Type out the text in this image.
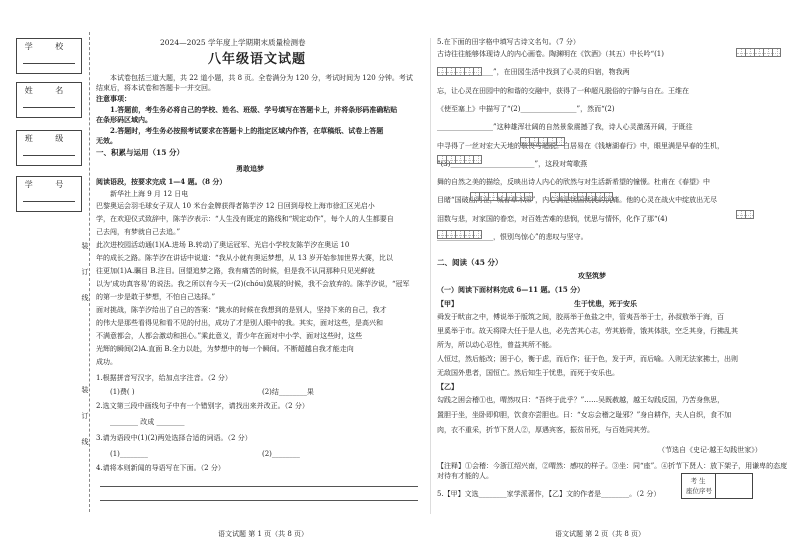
学 校
姓 名
班 级
学 号
装
订
线
装
订
线
2024—2025 学年度上学期期末质量检测卷
八年级语文试题
本试卷包括三道大题，共 22 道小题，共 8 页。全卷满分为 120 分，考试时间为 120 分钟。考试
结束后，将本试卷和答题卡一并交回。
注意事项：
1.答题前，考生务必将自己的学校、姓名、班级、学号填写在答题卡上，并将条形码准确粘贴
在条形码区域内。
2.答题时，考生务必按照考试要求在答题卡上的指定区域内作答，在草稿纸、试卷上答题
无效。
一、积累与运用（15 分）
勇敢追梦
阅读语段，按要求完成 1—4 题。（8 分）
新华社上海 9 月 12 日电
巴黎奥运会羽毛球女子双人 10 米台金牌获得者陈芋汐 12 日回到母校上海市徐汇区光启小
学，在欢迎仪式致辞中，陈芋汐表示：“人生没有既定的路线和“规定动作”，每个人的人生都要自
己去闯，有梦就自己去追。”
此次进校园活动通(1)(A.进场 B.转动)了奥运冠军、光启小学校友陈芋汐在奥运 10
年的成长之路。陈芋汐在讲话中说道：“我从小就有奥运梦想，从 13 岁开始参加世界大赛，比以
往更加(1)A.瞩目 B.注目。回望追梦之路，我有痛苦的时候，但是我不认同那种只见光鲜就
以为‘成功真容易’的说法。我之所以有今天一(2)(chóu)莫展的时候，我不会放弃的。陈芋汐说，“冠军
的第一步是敢于梦想，不怕自己选择。”
面对挑战，陈芋汐给出了自己的答案：“跳水的时候在我想到的是别人，坚持下来的自己，我才
的伟大是那些看得见和看不见的付出，成功了才是别人眼中的我。其实，面对这些，是高兴和
不满意都会，人都会激动和担心。”乘此意义，青少年在面对中小学、面对这些时，这些
光辉的瞬间(2)A.直面 B.全力以赴，为梦想中的每一个瞬间。不断超越自我才能走向
成功。
1.根据拼音写汉字，给加点字注音。（2 分）
(1)费( )	(2)结________果
2.选文第三段中画线句子中有一个错别字，请找出来并改正。（2 分）
________ 改成 ________
3.请为语段中(1)(2)两处选择合适的词语。（2 分）
(1)________	(2)________
4.请将本则新闻的导语写在下面。（2 分）
语文试题 第 1 页（共 8 页）
5.在下面的田字格中填写古诗文名句。（7 分）
古诗往往能够体现诗人的内心画卷。陶渊明在《饮酒》（其五）中长吟“(1)
________________”，在田园生活中找到了心灵的归宿，物我两
忘，让心灵在田园中的和谐的交融中，获得了一种超凡脱俗的宁静与自在。王维在
《使至塞上》中描写了“(2)________________”，然而“(2)
________________”这种雄浑壮阔的自然景象震撼了我，诗人心灵激荡开阔，于既往
中寻得了一丝对宏大天地的敬畏与超脱。白居易在《钱塘湖春行》中，眼里满是早春的生机，
“(3)________________________”，这段对莺歌燕
舞的自然之美的描绘，反映出诗人内心的欣然与对生活新希望的憧憬。杜甫在《春望》中
目睹“国破山河在，城春草木深”，内心满是忧国忧民的沉痛。他的心灵在战火中绽放出无尽
泪数与悲，对家国的眷恋，对百姓苦难的悲悯，忧思与情怀，化作了那“(4)
________________，恨别鸟惊心”的悲叹与坚守。
二、阅读（45 分）
攻坚筑梦
（一）阅读下面材料完成 6—11 题。（15 分）
【甲】	生于忧患，死于安乐
舜发于畎亩之中，傅说举于版筑之间，胶鬲举于鱼盐之中，管夷吾举于士，孙叔敖举于海，百
里奚举于市。故天将降大任于是人也，必先苦其心志，劳其筋骨，饿其体肤，空乏其身，行拂乱其
所为，所以动心忍性，曾益其所不能。
人恒过，然后能改；困于心，衡于虑，而后作；征于色，发于声，而后喻。入则无法家拂士，出则
无敌国外患者，国恒亡。然后知生于忧患，而死于安乐也。
【乙】
勾践之困会稽①也，喟然叹曰：“吾终于此乎？”……吴既赦越，越王勾践反国，乃苦身焦思，
置胆于坐，坐卧即仰胆，饮食亦尝胆也。曰：“女忘会稽之耻邪？”身自耕作，夫人自织，食不加
肉，衣不重采，折节下贤人②，厚遇宾客，振贫吊死，与百姓同其劳。
（节选自《史记·越王勾践世家》）
【注释】①会稽：今浙江绍兴南，②喟然：感叹的样子。③坐：同“座”。④折节下贤人：放下架子，用谦卑的态度
对待有才能的人。
5.【甲】文选________家学派著作，【乙】文的作者是________。（2 分）
考 生
座位序号
语文试题 第 2 页（共 8 页）
